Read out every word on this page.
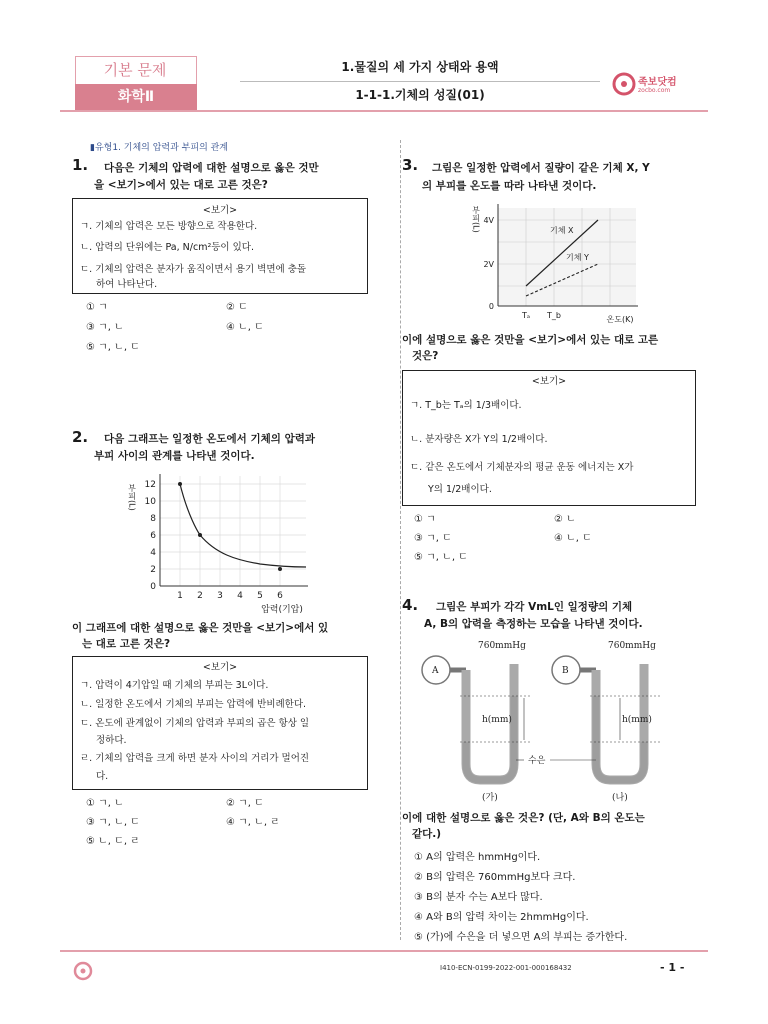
기본 문제
화학Ⅱ
1.물질의 세 가지 상태와 용액
1-1-1.기체의 성질(01)
족보닷컴
zocbo.com
▮유형1. 기체의 압력과 부피의 관계
1. 다음은 기체의 압력에 대한 설명으로 옳은 것만
을 <보기>에서 있는 대로 고른 것은?
<보기>
ㄱ. 기체의 압력은 모든 방향으로 작용한다.
ㄴ. 압력의 단위에는 Pa, N/cm²등이 있다.
ㄷ. 기체의 압력은 분자가 움직이면서 용기 벽면에 충돌
하여 나타난다.
① ㄱ	② ㄷ
③ ㄱ, ㄴ	④ ㄴ, ㄷ
⑤ ㄱ, ㄴ, ㄷ
2. 다음 그래프는 일정한 온도에서 기체의 압력과
부피 사이의 관계를 나타낸 것이다.
12
10
8
6
4
2
0
1 2 3 4 5 6
압력(기압)
부피(L)
이 그래프에 대한 설명으로 옳은 것만을 <보기>에서 있
는 대로 고른 것은?
<보기>
ㄱ. 압력이 4기압일 때 기체의 부피는 3L이다.
ㄴ. 일정한 온도에서 기체의 부피는 압력에 반비례한다.
ㄷ. 온도에 관계없이 기체의 압력과 부피의 곱은 항상 일
정하다.
ㄹ. 기체의 압력을 크게 하면 분자 사이의 거리가 멀어진
다.
① ㄱ, ㄴ	② ㄱ, ㄷ
③ ㄱ, ㄴ, ㄷ	④ ㄱ, ㄴ, ㄹ
⑤ ㄴ, ㄷ, ㄹ
3. 그림은 일정한 압력에서 질량이 같은 기체 X, Y
의 부피를 온도를 따라 나타낸 것이다.
4V
2V
0
Tₐ T_b	온도(K)
기체 X
기체 Y
부피(L)
이에 설명으로 옳은 것만을 <보기>에서 있는 대로 고른
것은?
<보기>
ㄱ. T_b는 Tₐ의 1/3배이다.
ㄴ. 분자량은 X가 Y의 1/2배이다.
ㄷ. 같은 온도에서 기체분자의 평균 운동 에너지는 X가
Y의 1/2배이다.
① ㄱ	② ㄴ
③ ㄱ, ㄷ	④ ㄴ, ㄷ
⑤ ㄱ, ㄴ, ㄷ
4. 그림은 부피가 각각 VmL인 일정량의 기체
A, B의 압력을 측정하는 모습을 나타낸 것이다.
A	B
760mmHg	760mmHg
h(mm)	h(mm)
수은
(가)	(나)
이에 대한 설명으로 옳은 것은? (단, A와 B의 온도는
같다.)
① A의 압력은 hmmHg이다.
② B의 압력은 760mmHg보다 크다.
③ B의 분자 수는 A보다 많다.
④ A와 B의 압력 차이는 2hmmHg이다.
⑤ (가)에 수은을 더 넣으면 A의 부피는 증가한다.
I410-ECN-0199-2022-001-000168432	- 1 -
